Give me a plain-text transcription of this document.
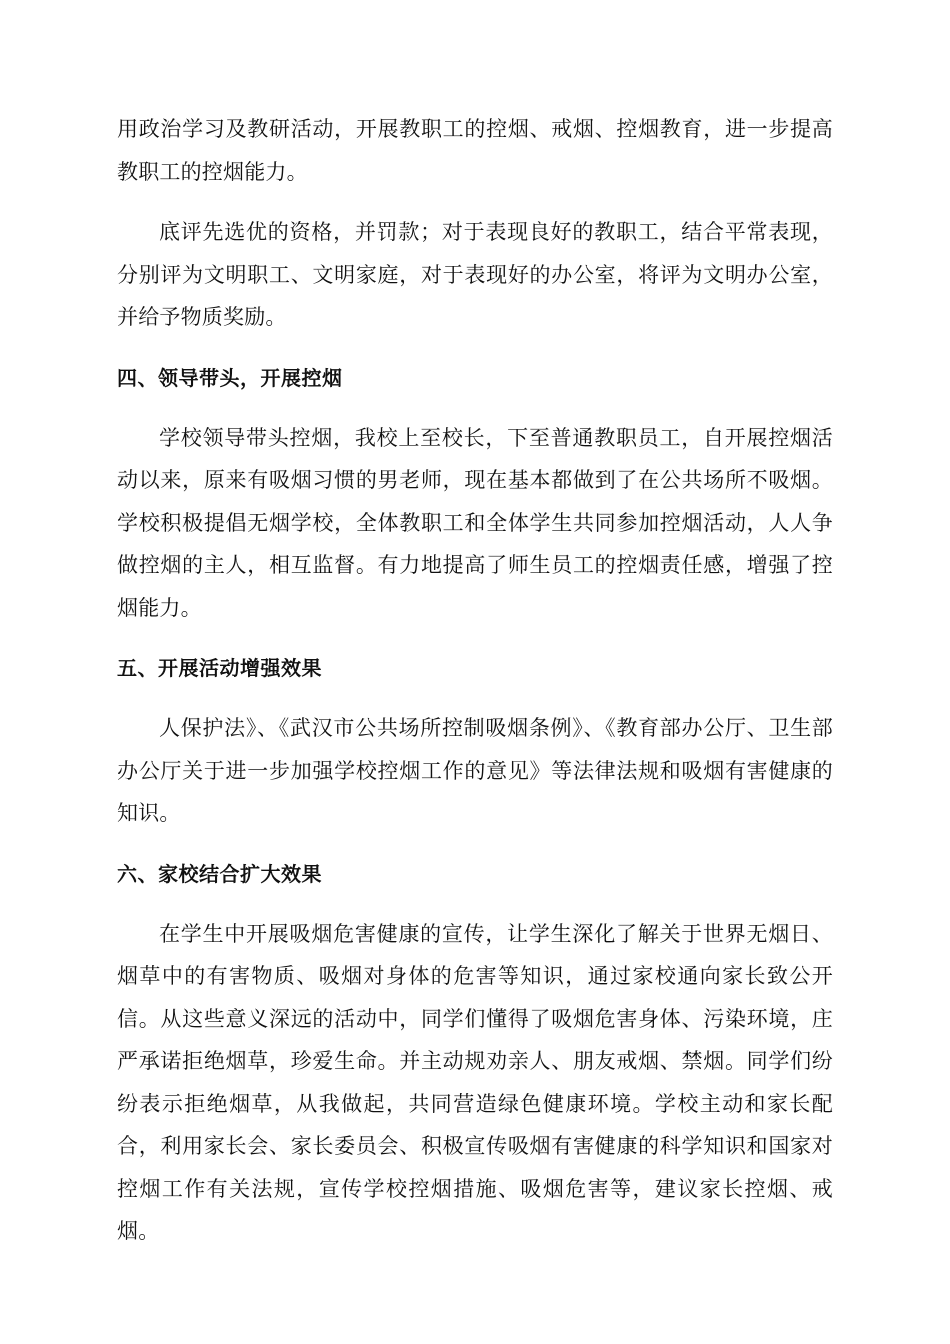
用政治学习及教研活动，开展教职工的控烟、戒烟、控烟教育，进一步提高教职工的控烟能力。

底评先选优的资格，并罚款；对于表现良好的教职工，结合平常表现，分别评为文明职工、文明家庭，对于表现好的办公室，将评为文明办公室，并给予物质奖励。

四、领导带头，开展控烟

学校领导带头控烟，我校上至校长，下至普通教职员工，自开展控烟活动以来，原来有吸烟习惯的男老师，现在基本都做到了在公共场所不吸烟。学校积极提倡无烟学校，全体教职工和全体学生共同参加控烟活动，人人争做控烟的主人，相互监督。有力地提高了师生员工的控烟责任感，增强了控烟能力。

五、开展活动增强效果

人保护法》、《武汉市公共场所控制吸烟条例》、《教育部办公厅、卫生部办公厅关于进一步加强学校控烟工作的意见》等法律法规和吸烟有害健康的知识。

六、家校结合扩大效果

在学生中开展吸烟危害健康的宣传，让学生深化了解关于世界无烟日、烟草中的有害物质、吸烟对身体的危害等知识，通过家校通向家长致公开信。从这些意义深远的活动中，同学们懂得了吸烟危害身体、污染环境，庄严承诺拒绝烟草，珍爱生命。并主动规劝亲人、朋友戒烟、禁烟。同学们纷纷表示拒绝烟草，从我做起，共同营造绿色健康环境。学校主动和家长配合，利用家长会、家长委员会、积极宣传吸烟有害健康的科学知识和国家对控烟工作有关法规，宣传学校控烟措施、吸烟危害等，建议家长控烟、戒烟。
